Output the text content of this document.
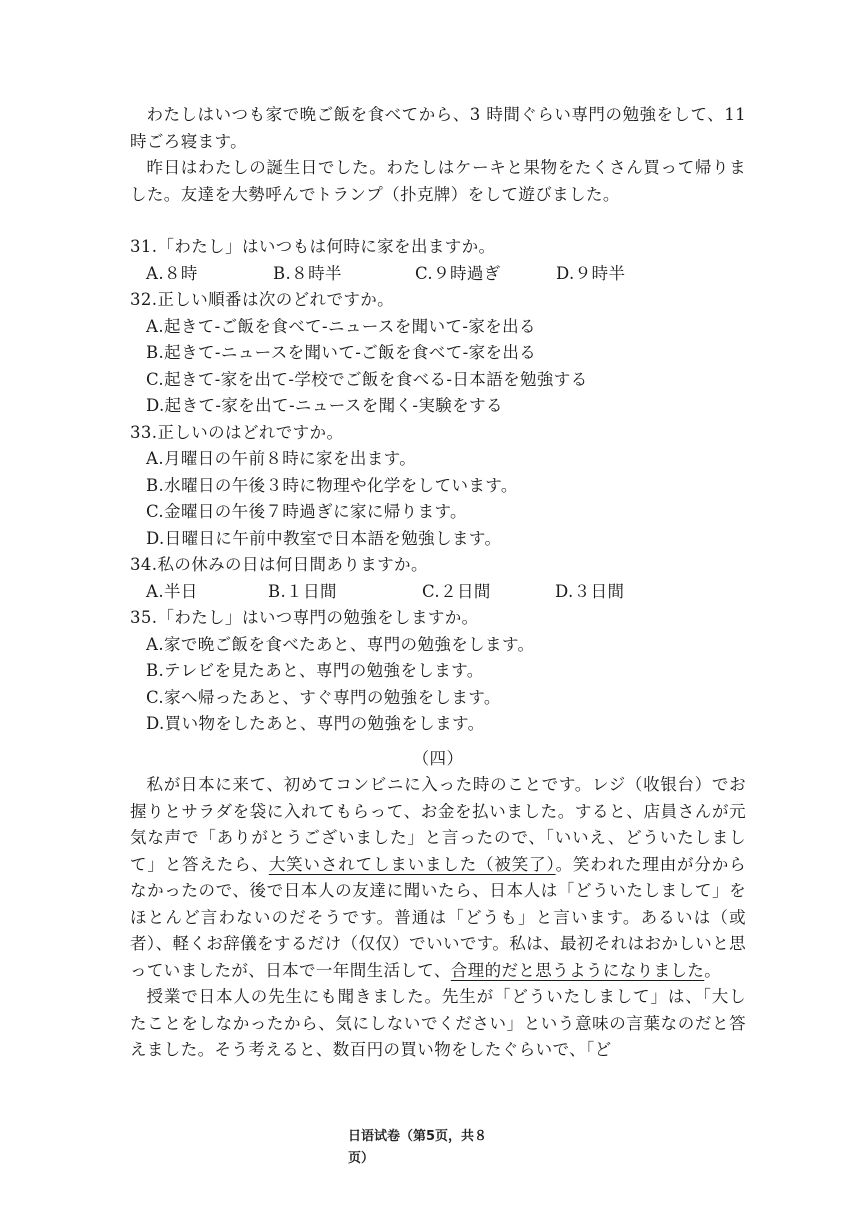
わたしはいつも家で晩ご飯を食べてから、3 時間ぐらい専門の勉強をして、11 時ごろ寝ます。

昨日はわたしの誕生日でした。わたしはケーキと果物をたくさん買って帰りました。友達を大勢呼んでトランプ（扑克牌）をして遊びました。

31.「わたし」はいつもは何時に家を出ますか。

A.８時	B.８時半	C.９時過ぎ	D.９時半

32.正しい順番は次のどれですか。

A.起きて-ご飯を食べて-ニュースを聞いて-家を出る

B.起きて-ニュースを聞いて-ご飯を食べて-家を出る

C.起きて-家を出て-学校でご飯を食べる-日本語を勉強する

D.起きて-家を出て-ニュースを聞く-実験をする

33.正しいのはどれですか。

A.月曜日の午前８時に家を出ます。

B.水曜日の午後３時に物理や化学をしています。

C.金曜日の午後７時過ぎに家に帰ります。

D.日曜日に午前中教室で日本語を勉強します。

34.私の休みの日は何日間ありますか。

A.半日	B.１日間	C.２日間	D.３日間

35.「わたし」はいつ専門の勉強をしますか。

A.家で晩ご飯を食べたあと、専門の勉強をします。

B.テレビを見たあと、専門の勉強をします。

C.家へ帰ったあと、すぐ専門の勉強をします。

D.買い物をしたあと、専門の勉強をします。

（四）

私が日本に来て、初めてコンビニに入った時のことです。レジ（收银台）でお握りとサラダを袋に入れてもらって、お金を払いました。すると、店員さんが元気な声で「ありがとうございました」と言ったので、「いいえ、どういたしまして」と答えたら、大笑いされてしまいました（被笑了）。笑われた理由が分からなかったので、後で日本人の友達に聞いたら、日本人は「どういたしまして」をほとんど言わないのだそうです。普通は「どうも」と言います。あるいは（或者）、軽くお辞儀をするだけ（仅仅）でいいです。私は、最初それはおかしいと思っていましたが、日本で一年間生活して、合理的だと思うようになりました。

授業で日本人の先生にも聞きました。先生が「どういたしまして」は、「大したことをしなかったから、気にしないでください」という意味の言葉なのだと答えました。そう考えると、数百円の買い物をしたぐらいで、「ど

日语试卷（第5页，共８
页）
